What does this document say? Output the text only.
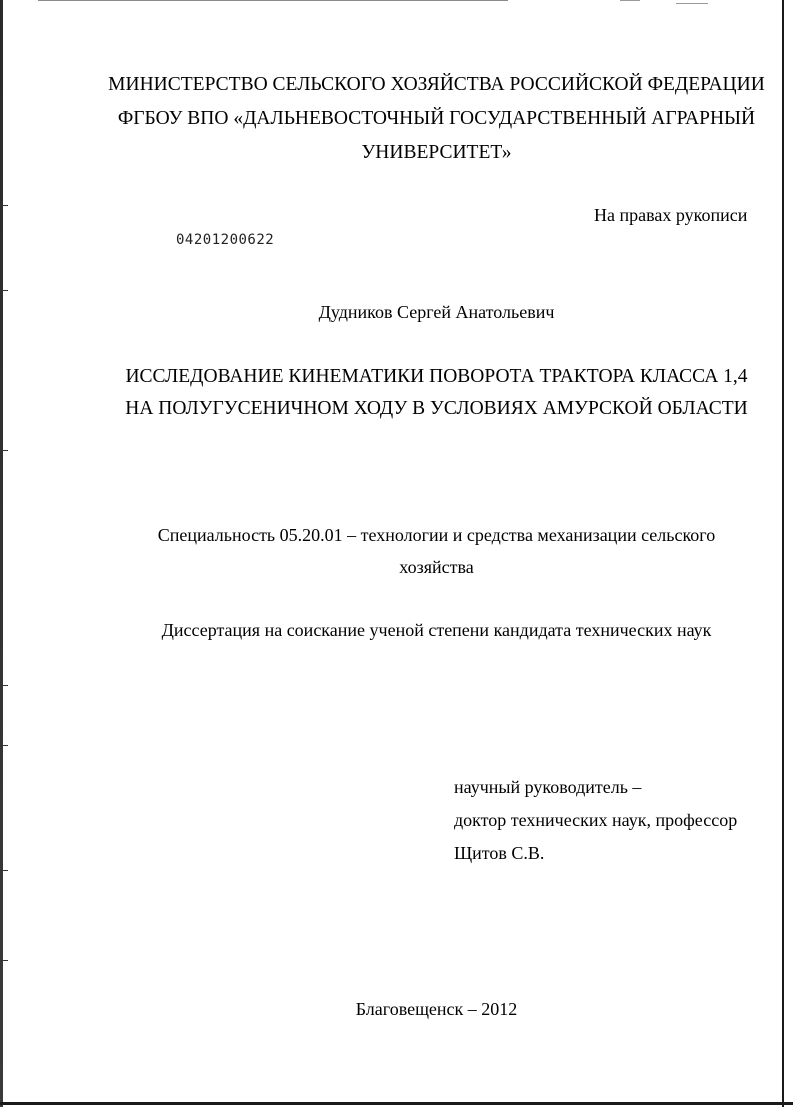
МИНИСТЕРСТВО СЕЛЬСКОГО ХОЗЯЙСТВА РОССИЙСКОЙ ФЕДЕРАЦИИ
ФГБОУ ВПО «ДАЛЬНЕВОСТОЧНЫЙ ГОСУДАРСТВЕННЫЙ АГРАРНЫЙ
УНИВЕРСИТЕТ»
На правах рукописи
04201200622
Дудников Сергей Анатольевич
ИССЛЕДОВАНИЕ КИНЕМАТИКИ ПОВОРОТА ТРАКТОРА КЛАССА 1,4
НА ПОЛУГУСЕНИЧНОМ ХОДУ В УСЛОВИЯХ АМУРСКОЙ ОБЛАСТИ
Специальность 05.20.01 – технологии и средства механизации сельского
хозяйства
Диссертация на соискание ученой степени кандидата технических наук
научный руководитель –
доктор технических наук, профессор
Щитов С.В.
Благовещенск – 2012
